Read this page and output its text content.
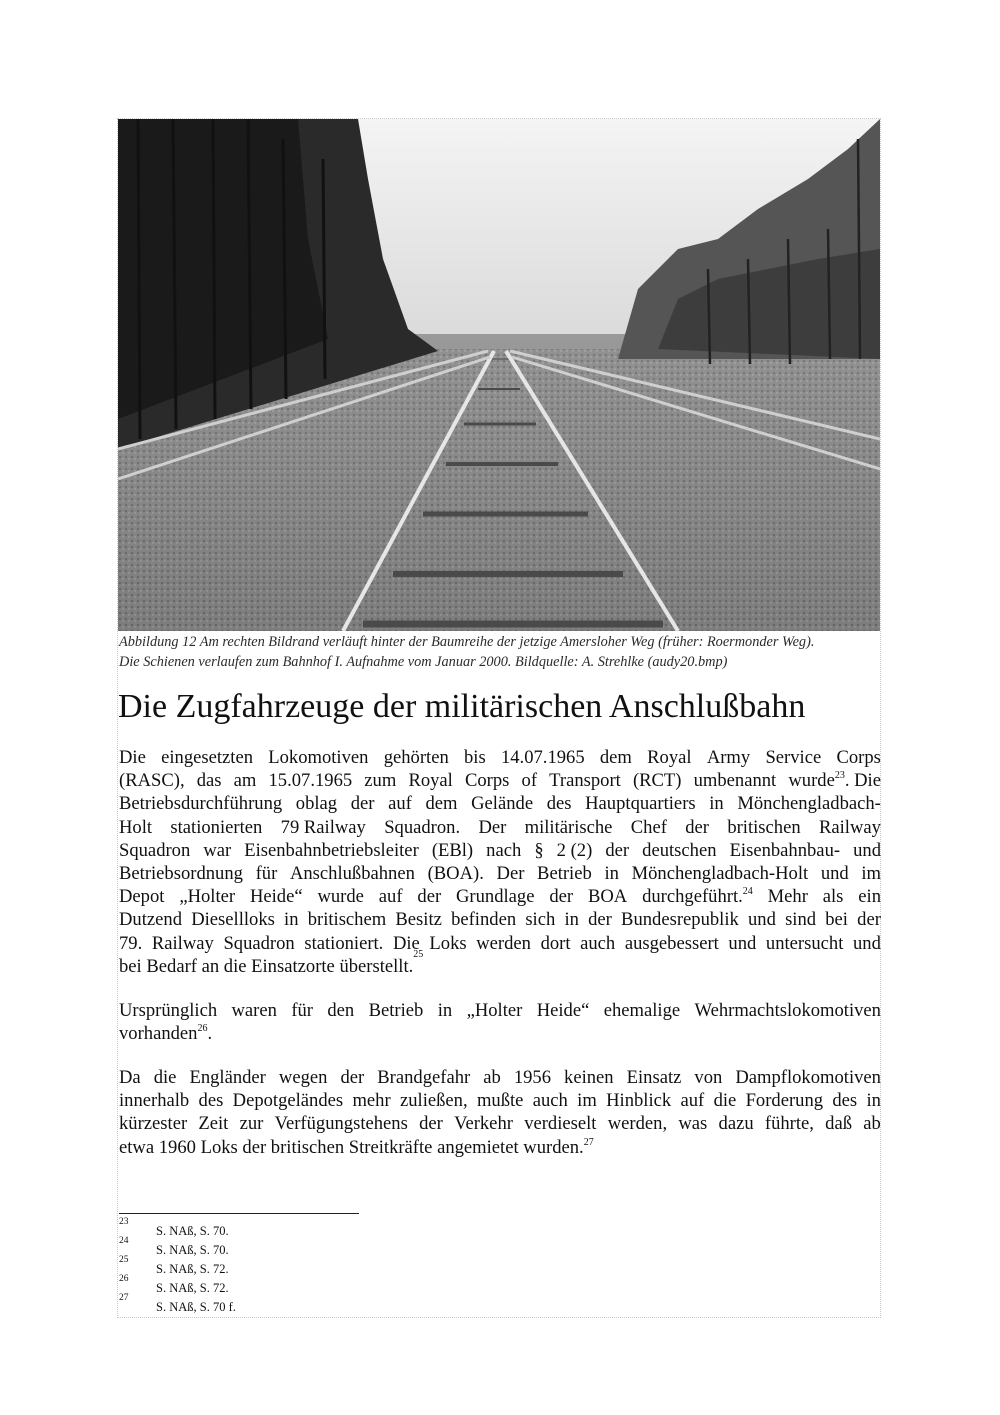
Abbildung 12 Am rechten Bildrand verläuft hinter der Baumreihe der jetzige Amersloher Weg (früher: Roermonder Weg).
Die Schienen verlaufen zum Bahnhof I. Aufnahme vom Januar 2000. Bildquelle: A. Strehlke (audy20.bmp)
Die Zugfahrzeuge der militärischen Anschlußbahn
Die eingesetzten Lokomotiven gehörten bis 14.07.1965 dem Royal Army Service Corps
(RASC), das am 15.07.1965 zum Royal Corps of Transport (RCT) umbenannt wurde$^{23}$. Die
Betriebsdurchführung oblag der auf dem Gelände des Hauptquartiers in Mönchengladbach-
Holt stationierten 79 Railway Squadron. Der militärische Chef der britischen Railway
Squadron war Eisenbahnbetriebsleiter (EBl) nach § 2 (2) der deutschen Eisenbahnbau- und
Betriebsordnung für Anschlußbahnen (BOA). Der Betrieb in Mönchengladbach-Holt und im
Depot „Holter Heide“ wurde auf der Grundlage der BOA durchgeführt.$^{24}$ Mehr als ein
Dutzend Diesellloks in britischem Besitz befinden sich in der Bundesrepublik und sind bei der
79. Railway Squadron stationiert. Die Loks werden dort auch ausgebessert und untersucht und
bei Bedarf an die Einsatzorte überstellt.
25
Ursprünglich waren für den Betrieb in „Holter Heide“ ehemalige Wehrmachtslokomotiven
vorhanden$^{26}$.
Da die Engländer wegen der Brandgefahr ab 1956 keinen Einsatz von Dampflokomotiven
innerhalb des Depotgeländes mehr zuließen, mußte auch im Hinblick auf die Forderung des in
kürzester Zeit zur Verfügungstehens der Verkehr verdieselt werden, was dazu führte, daß ab
etwa 1960 Loks der britischen Streitkräfte angemietet wurden.$^{27}$
23
S. NAß, S. 70.
24
S. NAß, S. 70.
25
S. NAß, S. 72.
26
S. NAß, S. 72.
27
S. NAß, S. 70 f.
